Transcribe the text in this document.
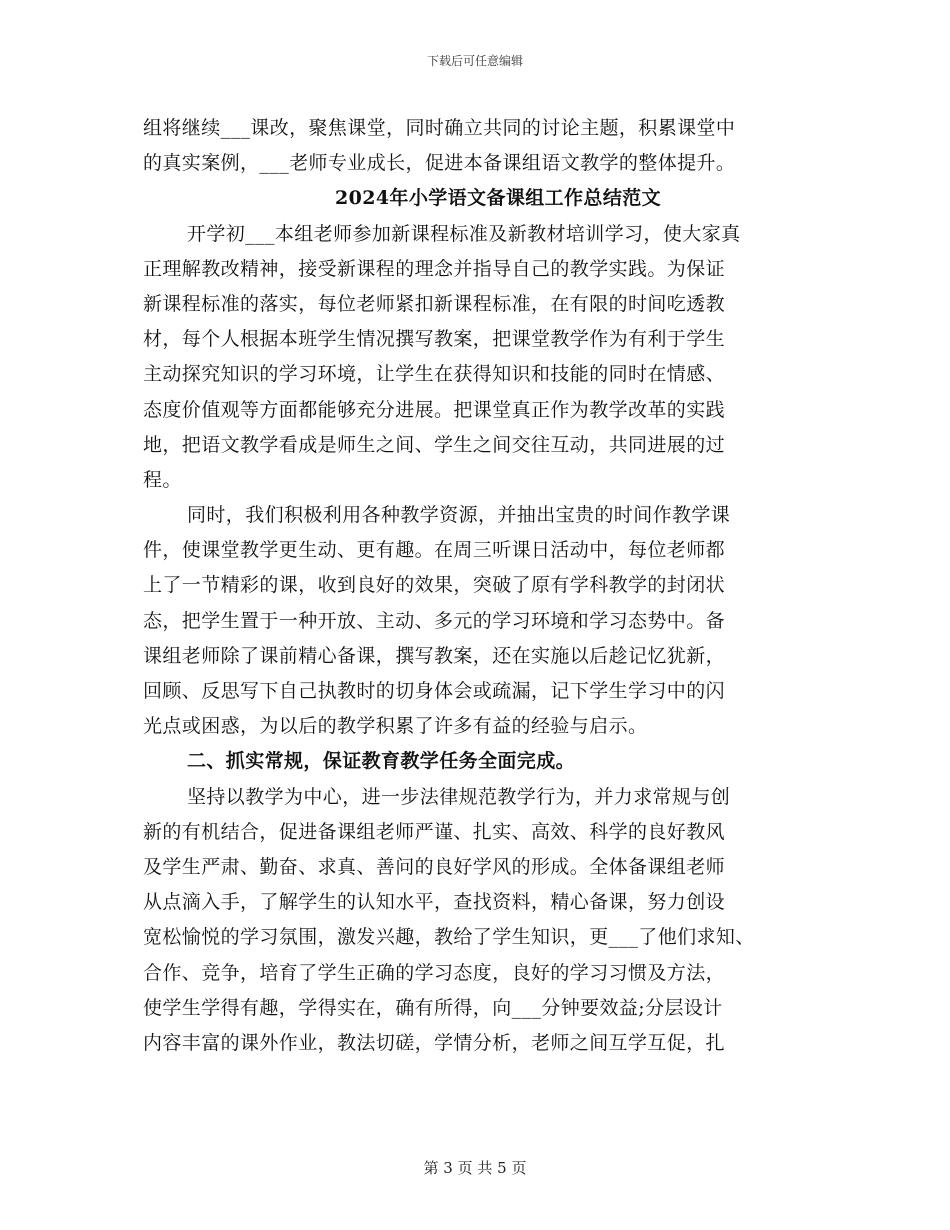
下载后可任意编辑
组将继续___课改，聚焦课堂，同时确立共同的讨论主题，积累课堂中
的真实案例，___老师专业成长，促进本备课组语文教学的整体提升。
2024年小学语文备课组工作总结范文
开学初___本组老师参加新课程标准及新教材培训学习，使大家真
正理解教改精神，接受新课程的理念并指导自己的教学实践。为保证
新课程标准的落实，每位老师紧扣新课程标准，在有限的时间吃透教
材，每个人根据本班学生情况撰写教案，把课堂教学作为有利于学生
主动探究知识的学习环境，让学生在获得知识和技能的同时在情感、
态度价值观等方面都能够充分进展。把课堂真正作为教学改革的实践
地，把语文教学看成是师生之间、学生之间交往互动，共同进展的过
程。
同时，我们积极利用各种教学资源，并抽出宝贵的时间作教学课
件，使课堂教学更生动、更有趣。在周三听课日活动中，每位老师都
上了一节精彩的课，收到良好的效果，突破了原有学科教学的封闭状
态，把学生置于一种开放、主动、多元的学习环境和学习态势中。备
课组老师除了课前精心备课，撰写教案，还在实施以后趁记忆犹新，
回顾、反思写下自己执教时的切身体会或疏漏，记下学生学习中的闪
光点或困惑，为以后的教学积累了许多有益的经验与启示。
二、抓实常规，保证教育教学任务全面完成。
坚持以教学为中心，进一步法律规范教学行为，并力求常规与创
新的有机结合，促进备课组老师严谨、扎实、高效、科学的良好教风
及学生严肃、勤奋、求真、善问的良好学风的形成。全体备课组老师
从点滴入手，了解学生的认知水平，查找资料，精心备课，努力创设
宽松愉悦的学习氛围，激发兴趣，教给了学生知识，更___了他们求知、
合作、竞争，培育了学生正确的学习态度，良好的学习习惯及方法，
使学生学得有趣，学得实在，确有所得，向___分钟要效益;分层设计
内容丰富的课外作业，教法切磋，学情分析，老师之间互学互促，扎
第 3 页 共 5 页
